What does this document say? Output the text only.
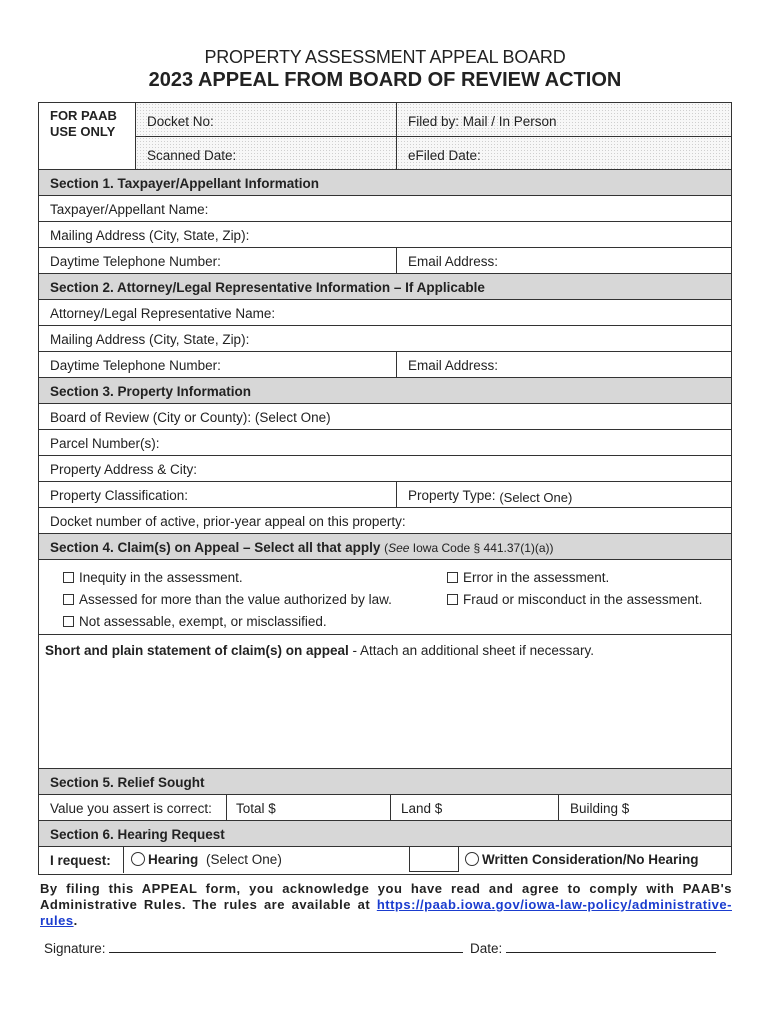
PROPERTY ASSESSMENT APPEAL BOARD
2023 APPEAL FROM BOARD OF REVIEW ACTION
FOR PAAB
USE ONLY
Docket No:	Filed by: Mail / In Person
Scanned Date:	eFiled Date:
Section 1. Taxpayer/Appellant Information
Taxpayer/Appellant Name:
Mailing Address (City, State, Zip):
Daytime Telephone Number:	Email Address:
Section 2. Attorney/Legal Representative Information – If Applicable
Attorney/Legal Representative Name:
Mailing Address (City, State, Zip):
Daytime Telephone Number:	Email Address:
Section 3. Property Information
Board of Review (City or County): (Select One)
Parcel Number(s):
Property Address & City:
Property Classification:	Property Type: (Select One)
Docket number of active, prior-year appeal on this property:
Section 4. Claim(s) on Appeal – Select all that apply (See Iowa Code § 441.37(1)(a))
Inequity in the assessment.	Error in the assessment.
Assessed for more than the value authorized by law.	Fraud or misconduct in the assessment.
Not assessable, exempt, or misclassified.
Short and plain statement of claim(s) on appeal - Attach an additional sheet if necessary.
Section 5. Relief Sought
Value you assert is correct: Total $	Land $	Building $
Section 6. Hearing Request
I request:	Hearing (Select One)	Written Consideration/No Hearing
By filing this APPEAL form, you acknowledge you have read and agree to comply with PAAB's Administrative Rules. The rules are available at https://paab.iowa.gov/iowa-law-policy/administrative-rules.
Signature:	Date:
